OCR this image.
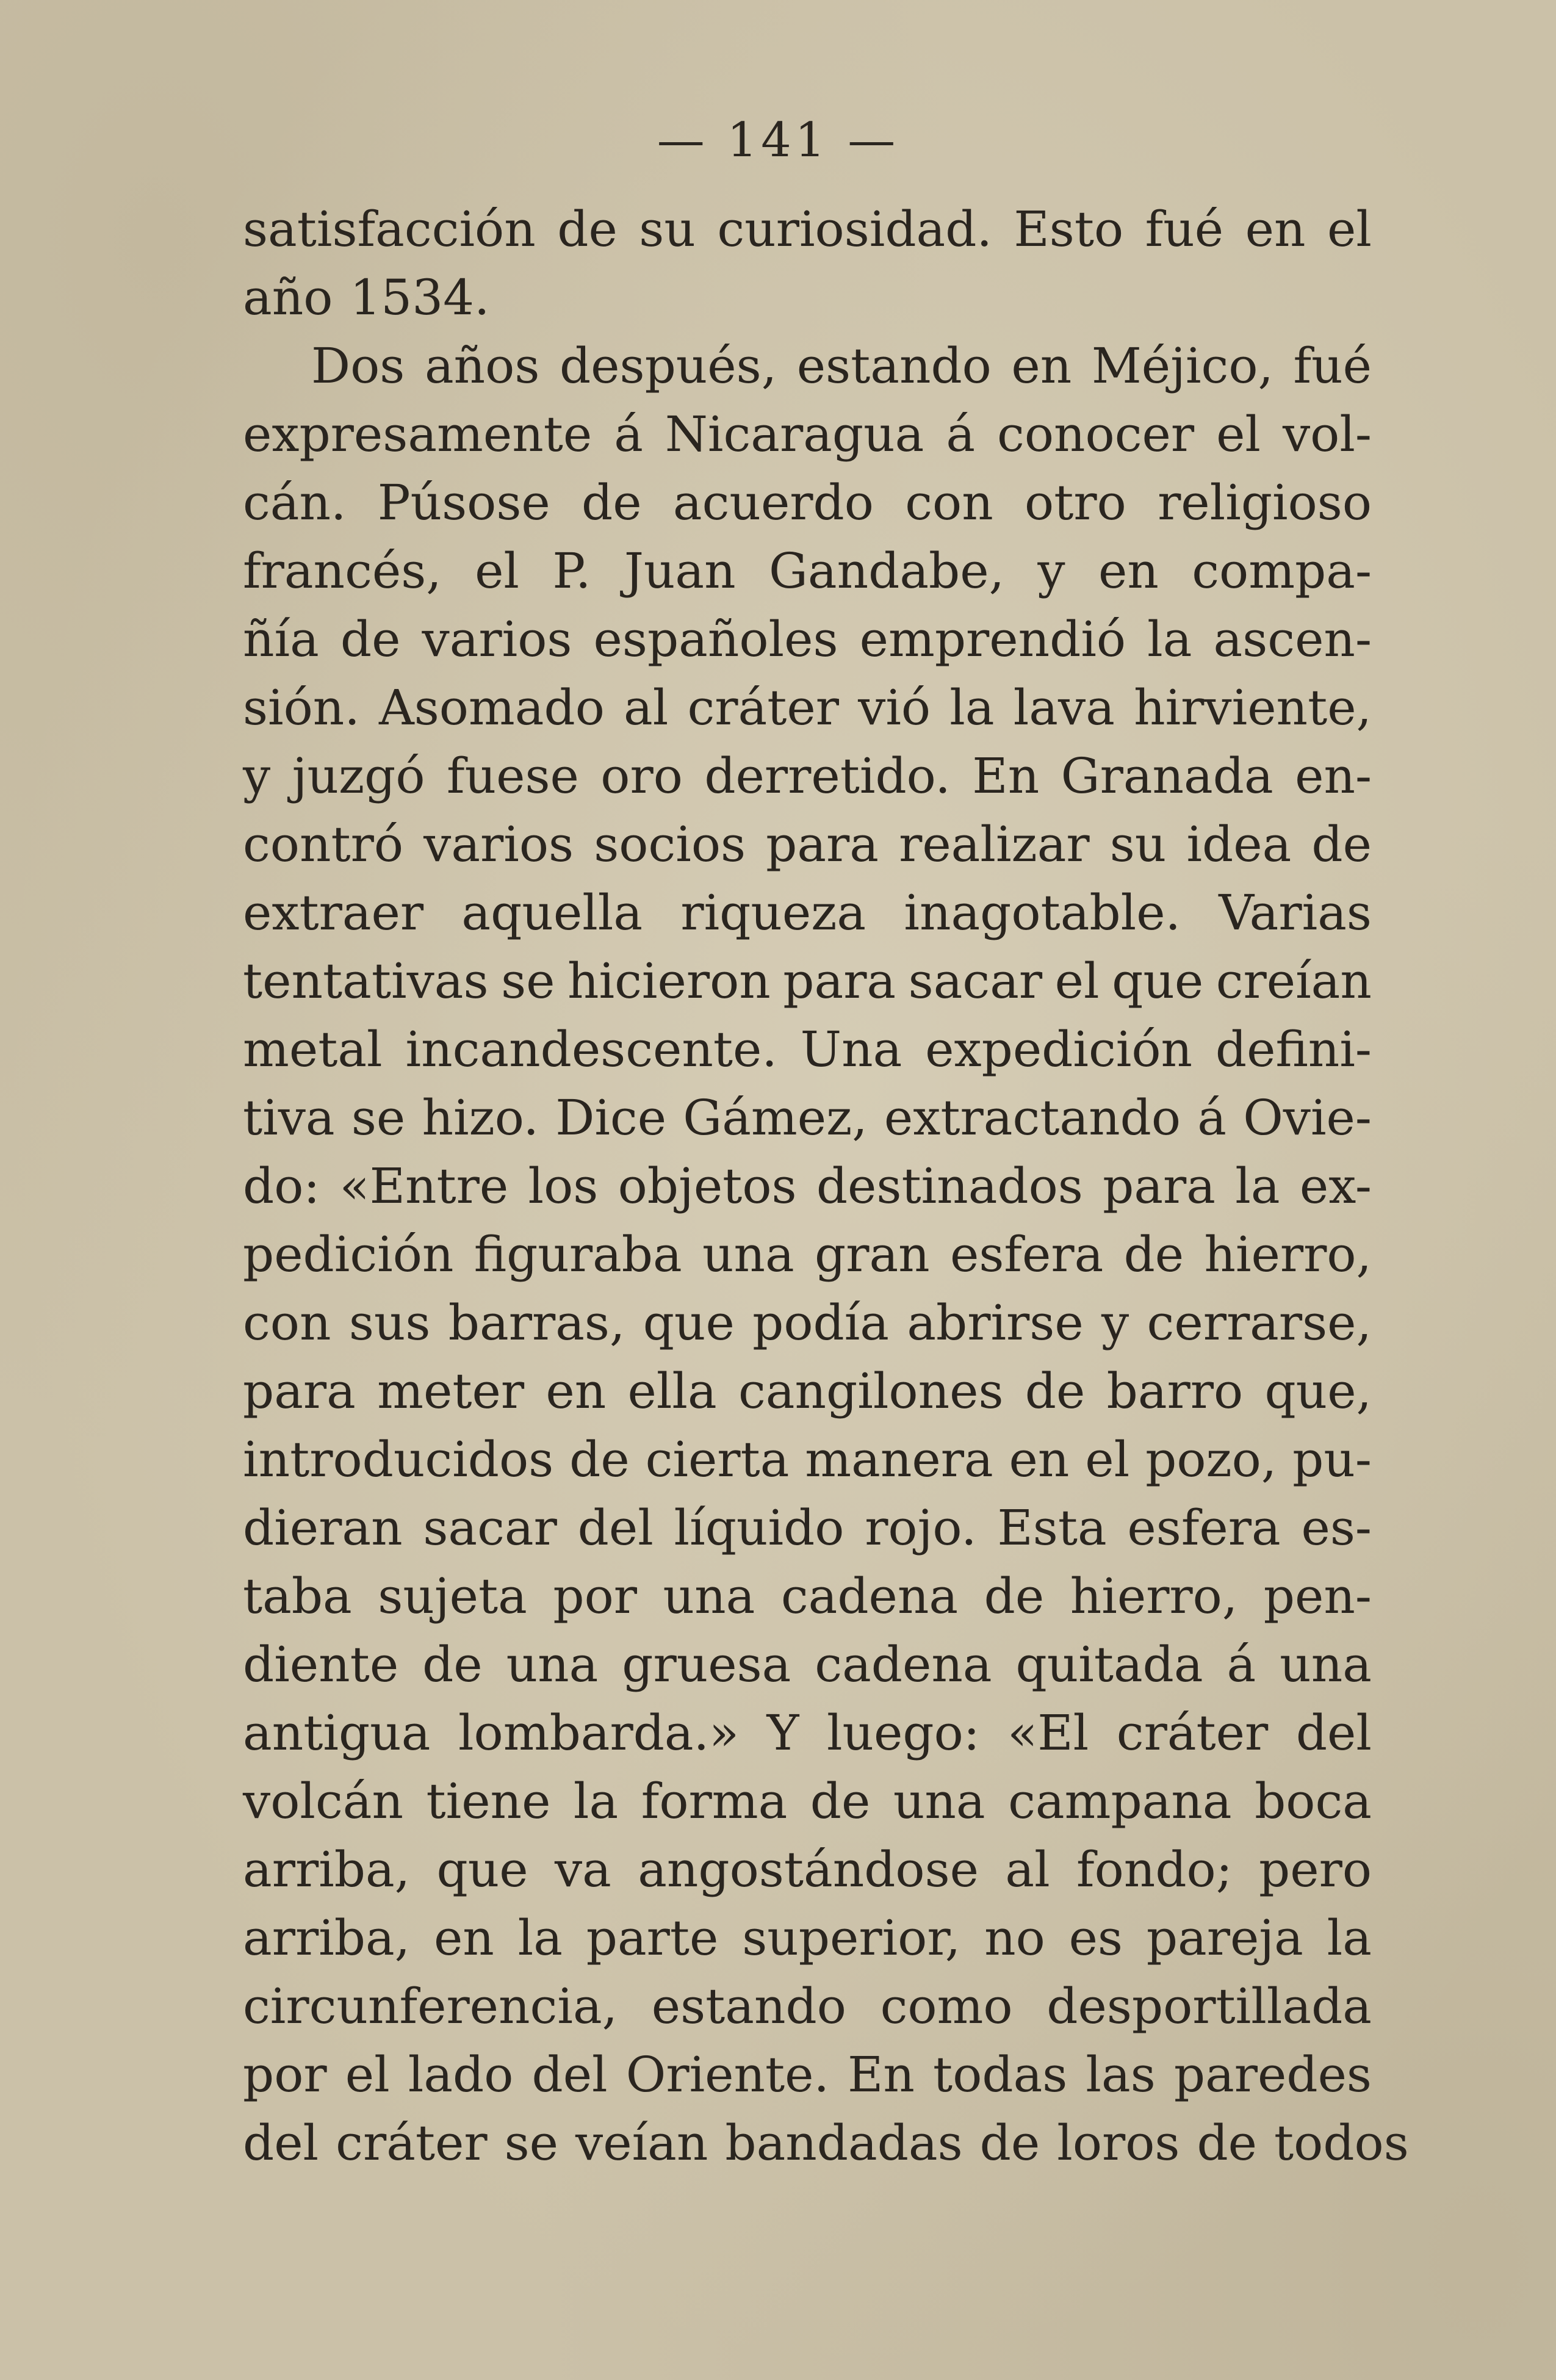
— 141 —
satisfacción de su curiosidad. Esto fué en el
año 1534.
Dos años después, estando en Méjico, fué
expresamente á Nicaragua á conocer el vol-
cán. Púsose de acuerdo con otro religioso
francés, el P. Juan Gandabe, y en compa-
ñía de varios españoles emprendió la ascen-
sión. Asomado al cráter vió la lava hirviente,
y juzgó fuese oro derretido. En Granada en-
contró varios socios para realizar su idea de
extraer aquella riqueza inagotable. Varias
tentativas se hicieron para sacar el que creían
metal incandescente. Una expedición defini-
tiva se hizo. Dice Gámez, extractando á Ovie-
do: «Entre los objetos destinados para la ex-
pedición figuraba una gran esfera de hierro,
con sus barras, que podía abrirse y cerrarse,
para meter en ella cangilones de barro que,
introducidos de cierta manera en el pozo, pu-
dieran sacar del líquido rojo. Esta esfera es-
taba sujeta por una cadena de hierro, pen-
diente de una gruesa cadena quitada á una
antigua lombarda.» Y luego: «El cráter del
volcán tiene la forma de una campana boca
arriba, que va angostándose al fondo; pero
arriba, en la parte superior, no es pareja la
circunferencia, estando como desportillada
por el lado del Oriente. En todas las paredes
del cráter se veían bandadas de loros de todos
